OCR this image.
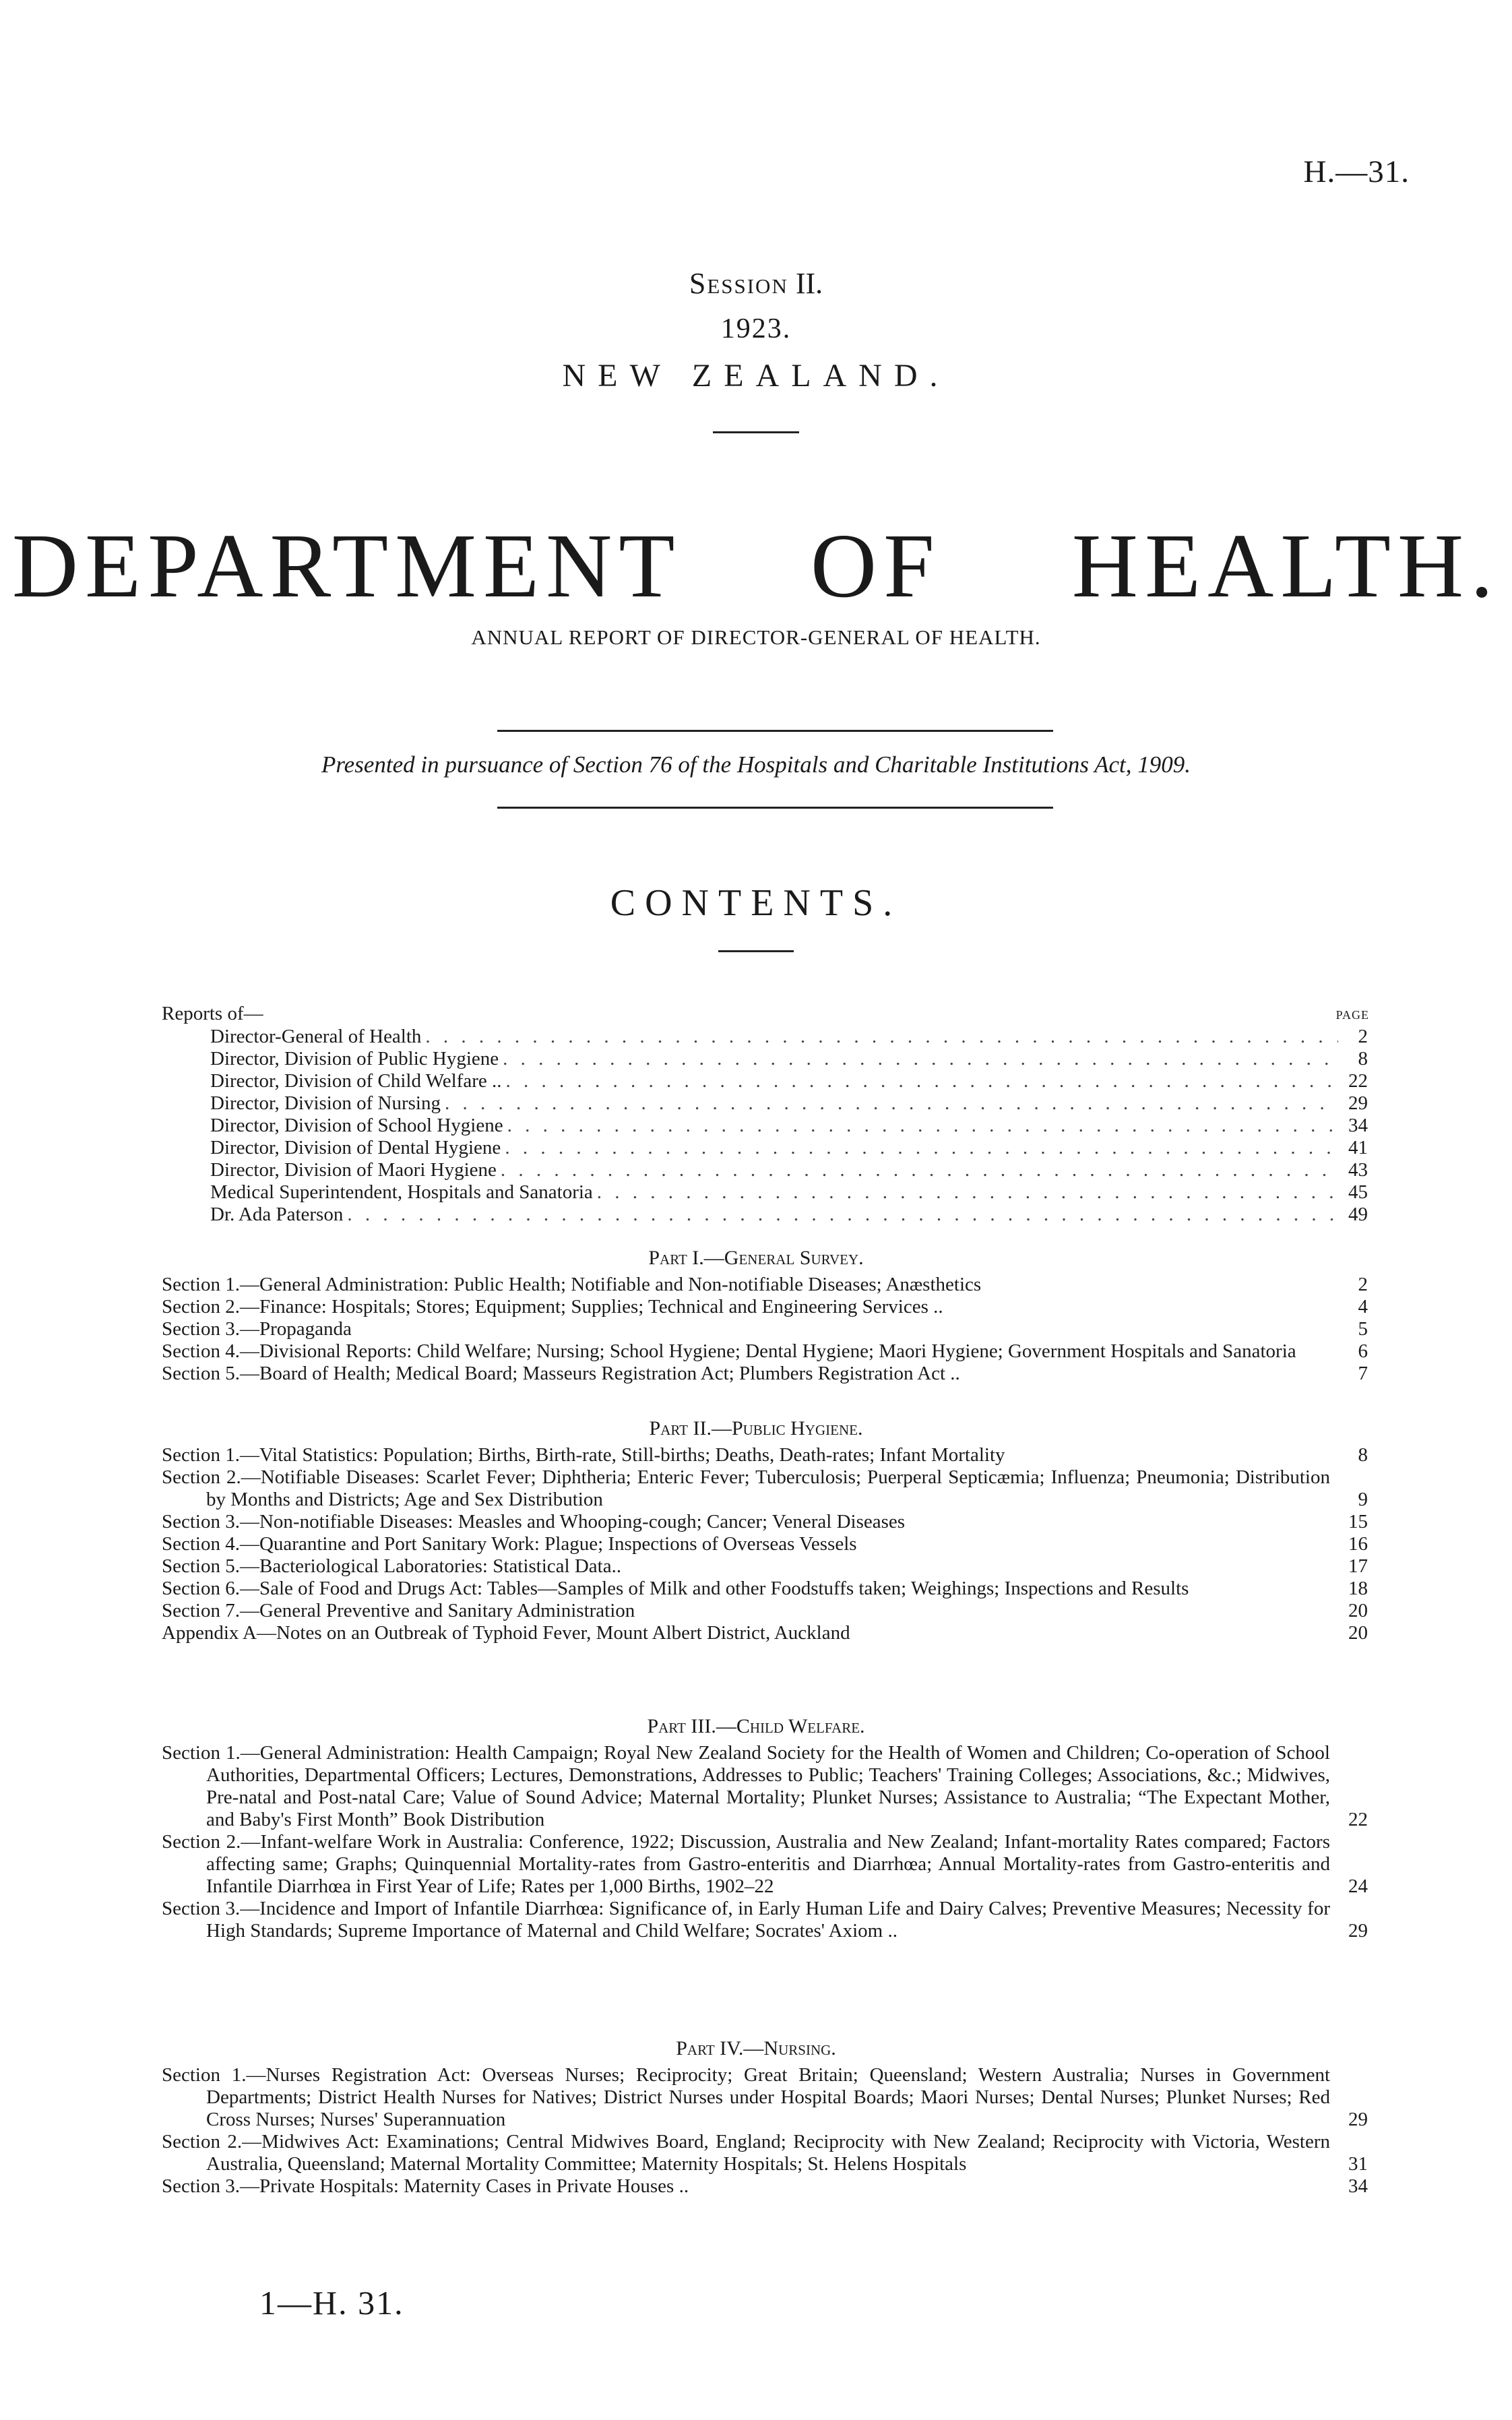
H.—31.
Session II.
1923.
NEW ZEALAND.
DEPARTMENT OF HEALTH.
ANNUAL REPORT OF DIRECTOR-GENERAL OF HEALTH.
Presented in pursuance of Section 76 of the Hospitals and Charitable Institutions Act, 1909.
CONTENTS.
Reports of—	PAGE
Director-General of Health . . .	2
Director, Division of Public Hygiene . . .	8
Director, Division of Child Welfare .. . . .	22
Director, Division of Nursing . . .	29
Director, Division of School Hygiene . . .	34
Director, Division of Dental Hygiene . . .	41
Director, Division of Maori Hygiene . . .	43
Medical Superintendent, Hospitals and Sanatoria . . .	45
Dr. Ada Paterson . . .	49
Part I.—General Survey.
Section 1.—General Administration: Public Health; Notifiable and Non-notifiable Diseases; Anæsthetics	2
Section 2.—Finance: Hospitals; Stores; Equipment; Supplies; Technical and Engineering Services ..	4
Section 3.—Propaganda	5
Section 4.—Divisional Reports: Child Welfare; Nursing; School Hygiene; Dental Hygiene; Maori Hygiene; Government Hospitals and Sanatoria	6
Section 5.—Board of Health; Medical Board; Masseurs Registration Act; Plumbers Registration Act ..	7
Part II.—Public Hygiene.
Section 1.—Vital Statistics: Population; Births, Birth-rate, Still-births; Deaths, Death-rates; Infant Mortality	8
Section 2.—Notifiable Diseases: Scarlet Fever; Diphtheria; Enteric Fever; Tuberculosis; Puerperal Septicæmia; Influenza; Pneumonia; Distribution by Months and Districts; Age and Sex Distribution	9
Section 3.—Non-notifiable Diseases: Measles and Whooping-cough; Cancer; Veneral Diseases	15
Section 4.—Quarantine and Port Sanitary Work: Plague; Inspections of Overseas Vessels	16
Section 5.—Bacteriological Laboratories: Statistical Data..	17
Section 6.—Sale of Food and Drugs Act: Tables—Samples of Milk and other Foodstuffs taken; Weighings; Inspections and Results	18
Section 7.—General Preventive and Sanitary Administration	20
Appendix A—Notes on an Outbreak of Typhoid Fever, Mount Albert District, Auckland	20
Part III.—Child Welfare.
Section 1.—General Administration: Health Campaign; Royal New Zealand Society for the Health of Women and Children; Co-operation of School Authorities, Departmental Officers; Lectures, Demonstrations, Addresses to Public; Teachers' Training Colleges; Associations, &c.; Midwives, Pre-natal and Post-natal Care; Value of Sound Advice; Maternal Mortality; Plunket Nurses; Assistance to Australia; “The Expectant Mother, and Baby's First Month” Book Distribution	22
Section 2.—Infant-welfare Work in Australia: Conference, 1922; Discussion, Australia and New Zealand; Infant-mortality Rates compared; Factors affecting same; Graphs; Quinquennial Mortality-rates from Gastro-enteritis and Diarrhœa; Annual Mortality-rates from Gastro-enteritis and Infantile Diarrhœa in First Year of Life; Rates per 1,000 Births, 1902–22	24
Section 3.—Incidence and Import of Infantile Diarrhœa: Significance of, in Early Human Life and Dairy Calves; Preventive Measures; Necessity for High Standards; Supreme Importance of Maternal and Child Welfare; Socrates' Axiom ..	29
Part IV.—Nursing.
Section 1.—Nurses Registration Act: Overseas Nurses; Reciprocity; Great Britain; Queensland; Western Australia; Nurses in Government Departments; District Health Nurses for Natives; District Nurses under Hospital Boards; Maori Nurses; Dental Nurses; Plunket Nurses; Red Cross Nurses; Nurses' Superannuation	29
Section 2.—Midwives Act: Examinations; Central Midwives Board, England; Reciprocity with New Zealand; Reciprocity with Victoria, Western Australia, Queensland; Maternal Mortality Committee; Maternity Hospitals; St. Helens Hospitals	31
Section 3.—Private Hospitals: Maternity Cases in Private Houses ..	34
1—H. 31.
